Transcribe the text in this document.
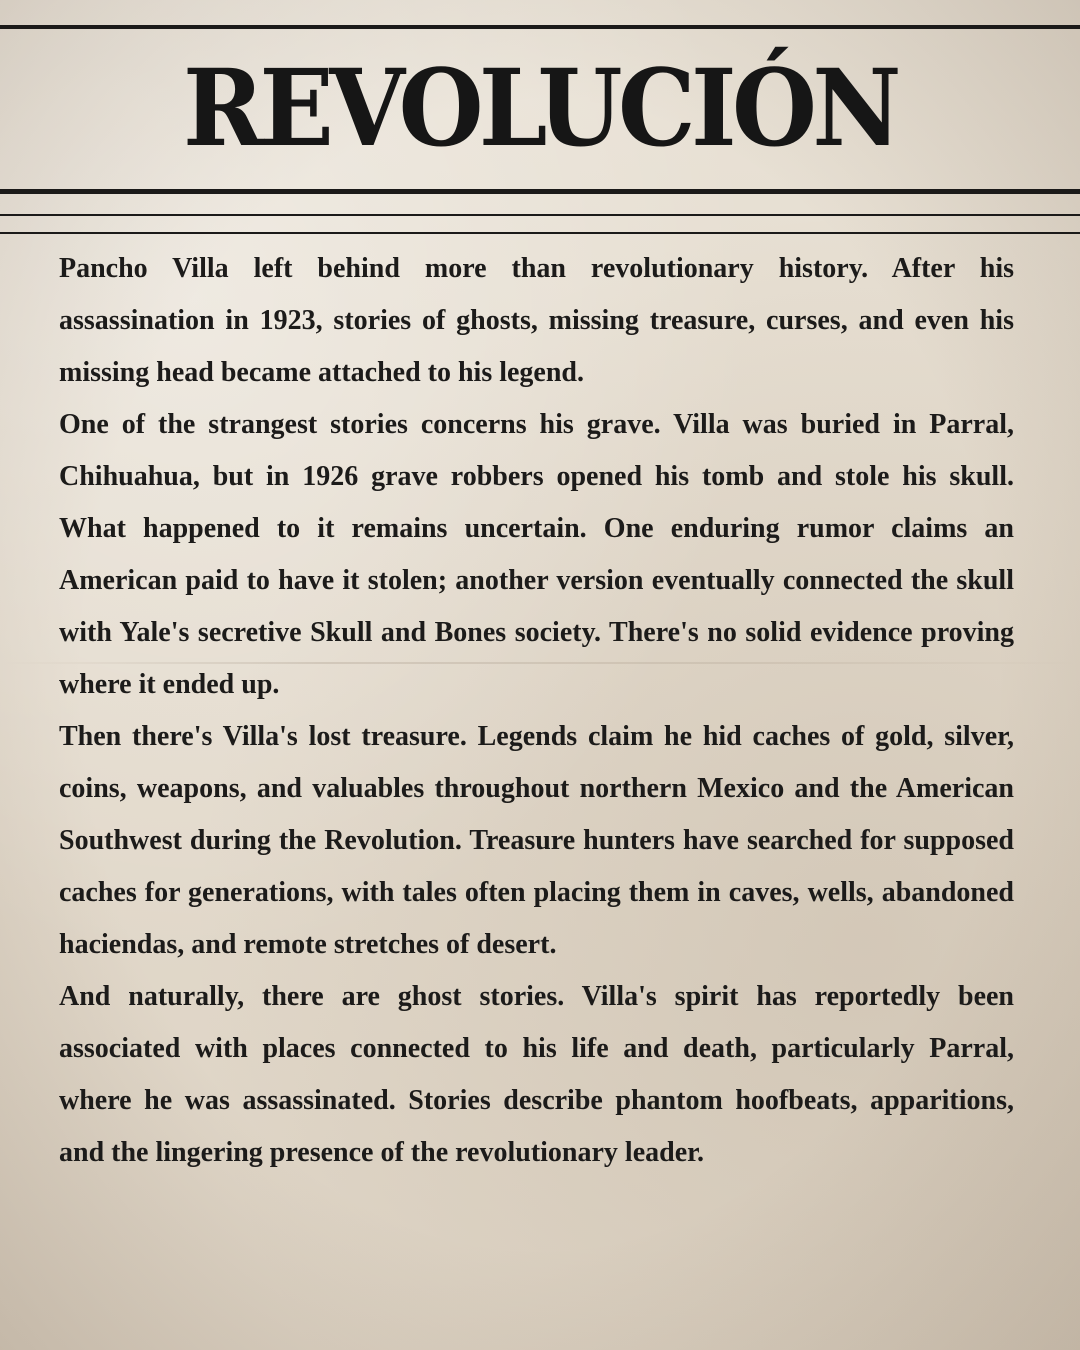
REVOLUCIÓN

Pancho Villa left behind more than revolutionary history. After his assassination in 1923, stories of ghosts, missing treasure, curses, and even his missing head became attached to his legend.

One of the strangest stories concerns his grave. Villa was buried in Parral, Chihuahua, but in 1926 grave robbers opened his tomb and stole his skull. What happened to it remains uncertain. One enduring rumor claims an American paid to have it stolen; another version eventually connected the skull with Yale's secretive Skull and Bones society. There's no solid evidence proving where it ended up.

Then there's Villa's lost treasure. Legends claim he hid caches of gold, silver, coins, weapons, and valuables throughout northern Mexico and the American Southwest during the Revolution. Treasure hunters have searched for supposed caches for generations, with tales often placing them in caves, wells, abandoned haciendas, and remote stretches of desert.

And naturally, there are ghost stories. Villa's spirit has reportedly been associated with places connected to his life and death, particularly Parral, where he was assassinated. Stories describe phantom hoofbeats, apparitions, and the lingering presence of the revolutionary leader.
